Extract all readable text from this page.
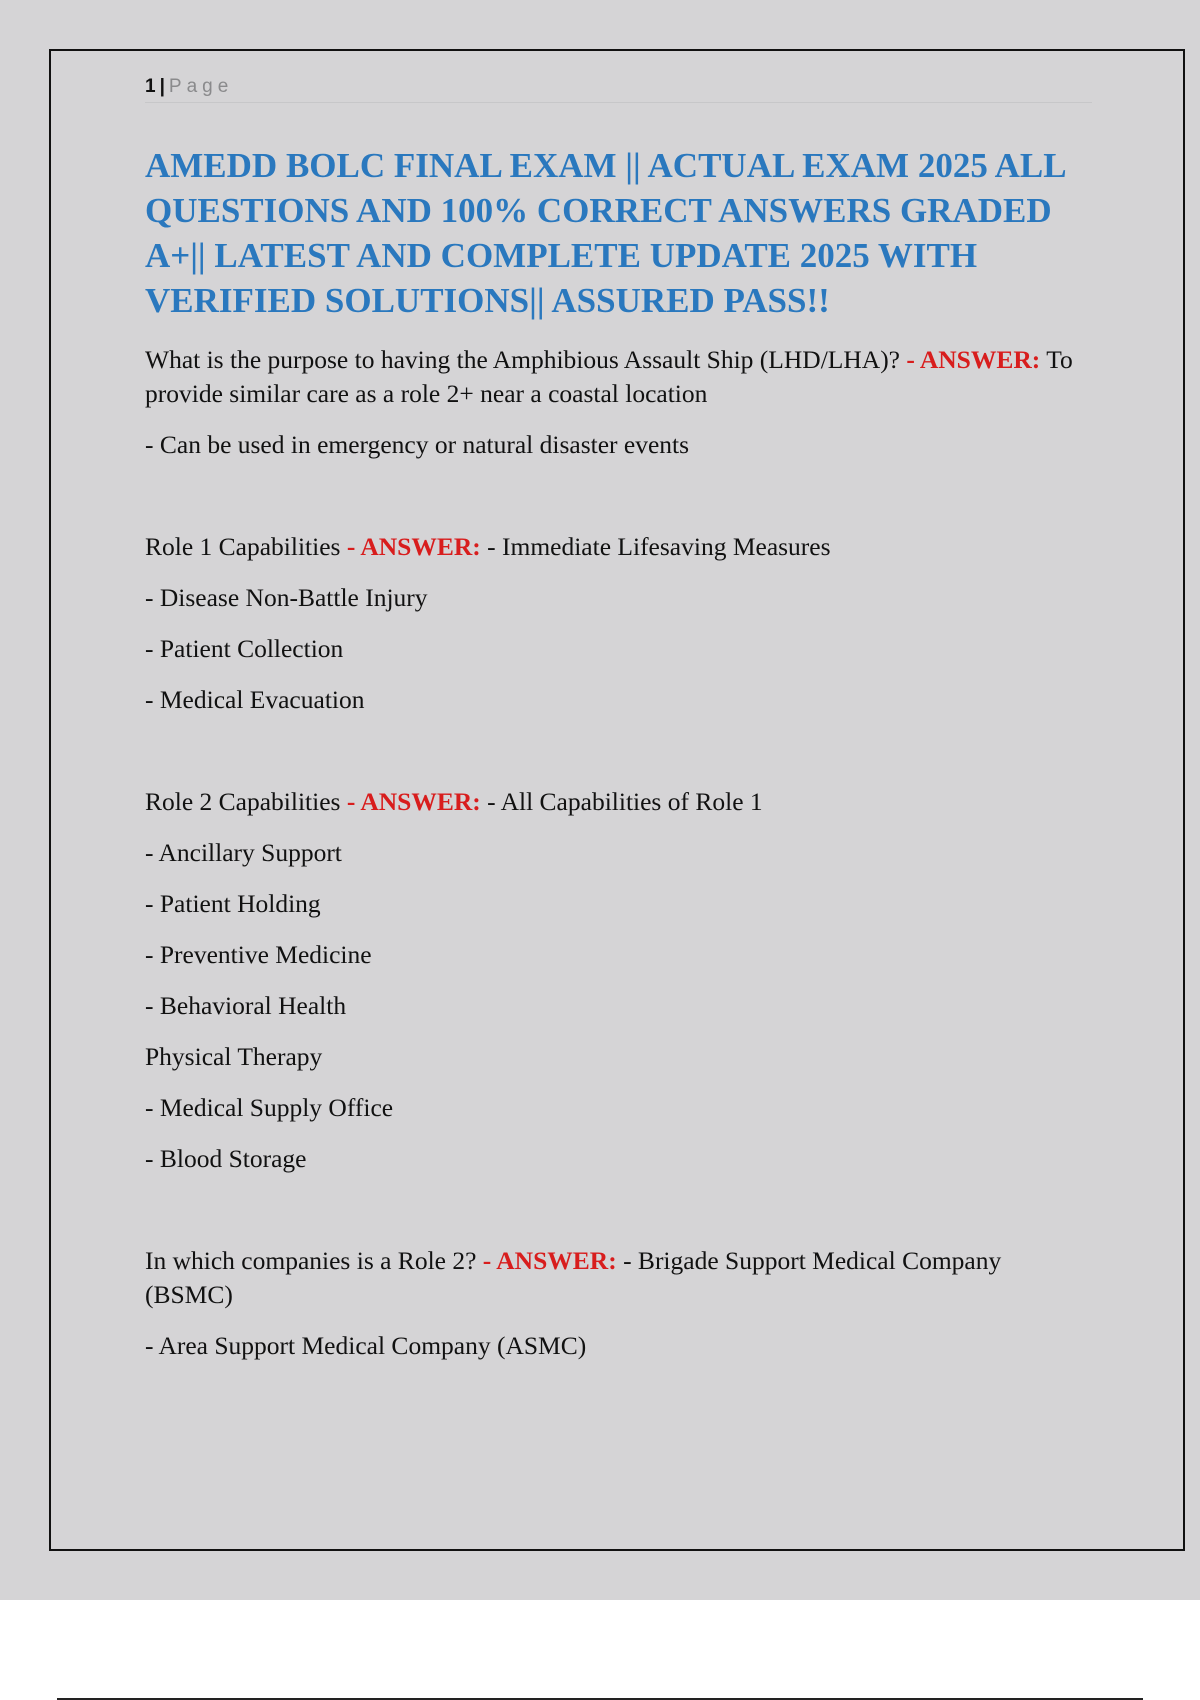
1 | Page
AMEDD BOLC FINAL EXAM || ACTUAL EXAM 2025 ALL QUESTIONS AND 100% CORRECT ANSWERS GRADED A+|| LATEST AND COMPLETE UPDATE 2025 WITH VERIFIED SOLUTIONS|| ASSURED PASS!!

What is the purpose to having the Amphibious Assault Ship (LHD/LHA)? - ANSWER: To provide similar care as a role 2+ near a coastal location

- Can be used in emergency or natural disaster events

Role 1 Capabilities - ANSWER: - Immediate Lifesaving Measures

- Disease Non-Battle Injury

- Patient Collection

- Medical Evacuation

Role 2 Capabilities - ANSWER: - All Capabilities of Role 1

- Ancillary Support

- Patient Holding

- Preventive Medicine

- Behavioral Health

Physical Therapy

- Medical Supply Office

- Blood Storage

In which companies is a Role 2? - ANSWER: - Brigade Support Medical Company (BSMC)

- Area Support Medical Company (ASMC)
